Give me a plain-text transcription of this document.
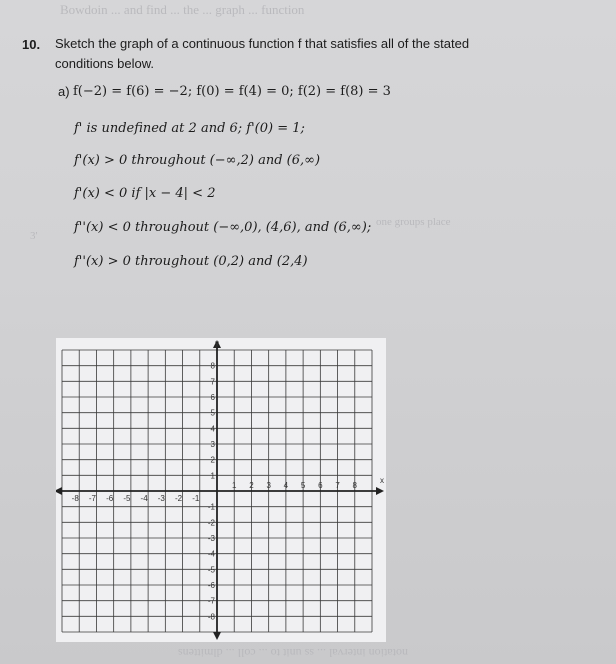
Bowdoin ... and find ... the ... graph ... function
3'
one groups place
notation interval ... ss unit to ... coll ... dlmittens
10. Sketch the graph of a continuous function f that satisfies all of the stated conditions below.
a) f(−2) = f(6) = −2; f(0) = f(4) = 0; f(2) = f(8) = 3
f' is undefined at 2 and 6; f'(0) = 1;
f'(x) > 0 throughout (−∞,2) and (6,∞)
f'(x) < 0 if |x − 4| < 2
f''(x) < 0 throughout (−∞,0), (4,6), and (6,∞);
f''(x) > 0 throughout (0,2) and (2,4)
-8 -7 -6 -5 -4 -3 -2 -1
1 2 3 4 5 6 7 8
8
7
6
5
4
3
2
1
-1
-2
-3
-4
-5
-6
-7
-8
x
y
